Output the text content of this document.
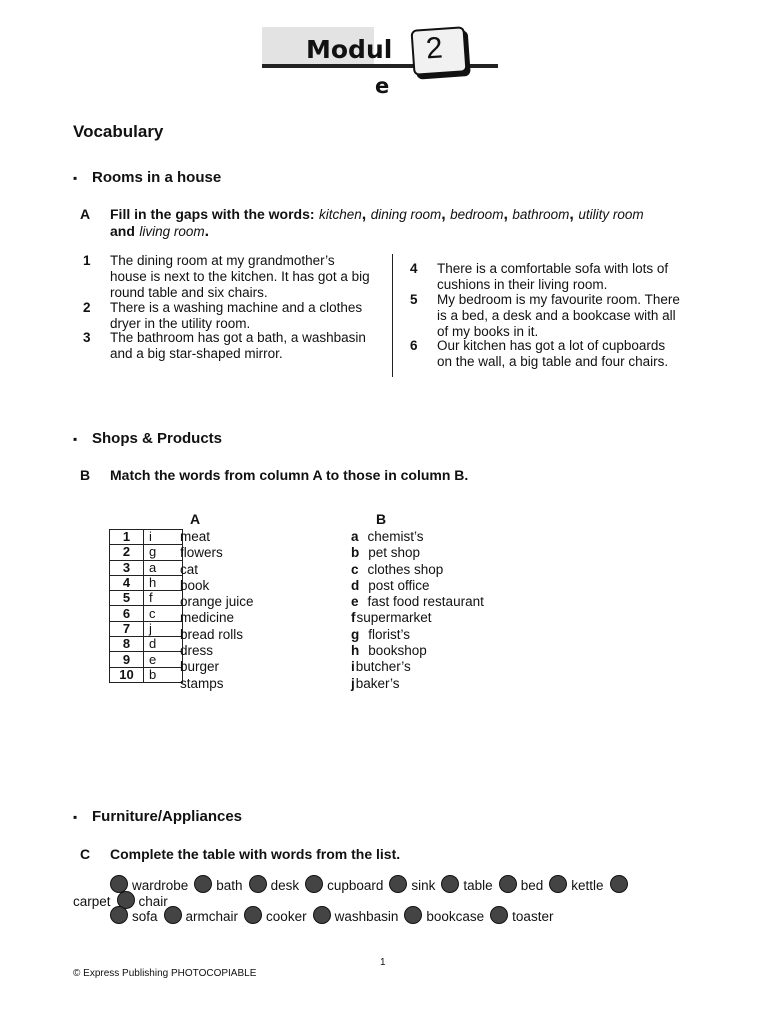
Modul
e
2
Vocabulary
▪ Rooms in a house
A Fill in the gaps with the words: kitchen, dining room, bedroom, bathroom, utility room and living room.
1 The dining room at my grandmother’s
house is next to the kitchen. It has got a big
round table and six chairs.
2 There is a washing machine and a clothes
dryer in the utility room.
3 The bathroom has got a bath, a washbasin
and a big star-shaped mirror.
4 There is a comfortable sofa with lots of
cushions in their living room.
5 My bedroom is my favourite room. There
is a bed, a desk and a bookcase with all
of my books in it.
6 Our kitchen has got a lot of cupboards
on the wall, a big table and four chairs.
▪ Shops & Products
B Match the words from column A to those in column B.
A	B
1	i
2	g
3	a
4	h
5	f
6	c
7	j
8	d
9	e
10	b
meat
flowers
cat
book
orange juice
medicine
bread rolls
dress
burger
stamps
a chemist’s
b pet shop
c clothes shop
d post office
e fast food restaurant
fsupermarket
g florist’s
h bookshop
ibutcher’s
jbaker’s
▪ Furniture/Appliances
C Complete the table with words from the list.
wardrobe bath desk cupboard sink table bed kettle
carpet chair
sofa armchair cooker washbasin bookcase toaster
1
© Express Publishing PHOTOCOPIABLE
